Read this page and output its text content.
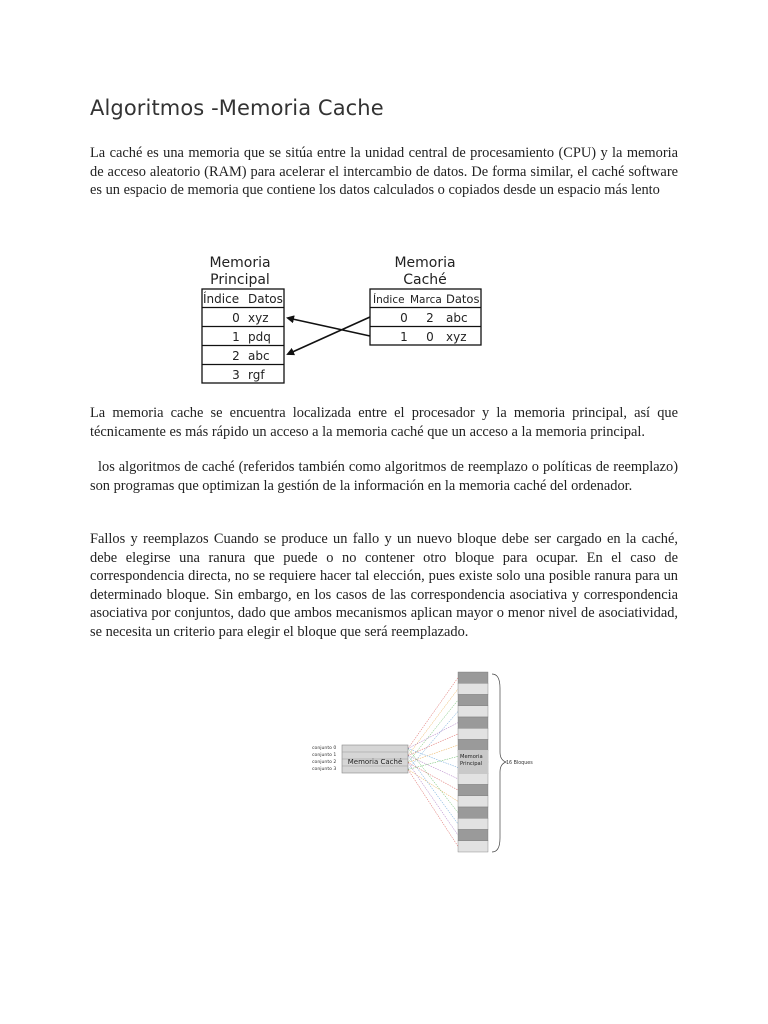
Algoritmos -Memoria Cache

La caché es una memoria que se sitúa entre la unidad central de procesamiento (CPU) y la memoria de acceso aleatorio (RAM) para acelerar el intercambio de datos. De forma similar, el caché software es un espacio de memoria que contiene los datos calculados o copiados desde un espacio más lento

Memoria
Principal
Índice Datos
0 xyz
1 pdq
2 abc
3 rgf
Memoria
Caché
Índice Marca Datos
0 2 abc
1 0 xyz

La memoria cache se encuentra localizada entre el procesador y la memoria principal, así que técnicamente es más rápido un acceso a la memoria caché que un acceso a la memoria principal.

los algoritmos de caché (referidos también como algoritmos de reemplazo o políticas de reemplazo) son programas que optimizan la gestión de la información en la memoria caché del ordenador.

Fallos y reemplazos Cuando se produce un fallo y un nuevo bloque debe ser cargado en la caché, debe elegirse una ranura que puede o no contener otro bloque para ocupar. En el caso de correspondencia directa, no se requiere hacer tal elección, pues existe solo una posible ranura para un determinado bloque. Sin embargo, en los casos de las correspondencia asociativa y correspondencia asociativa por conjuntos, dado que ambos mecanismos aplican mayor o menor nivel de asociatividad, se necesita un criterio para elegir el bloque que será reemplazado.

conjunto 0
conjunto 1
conjunto 2
conjunto 3
Memoria Caché
Memoria
Principal	16 Bloques
